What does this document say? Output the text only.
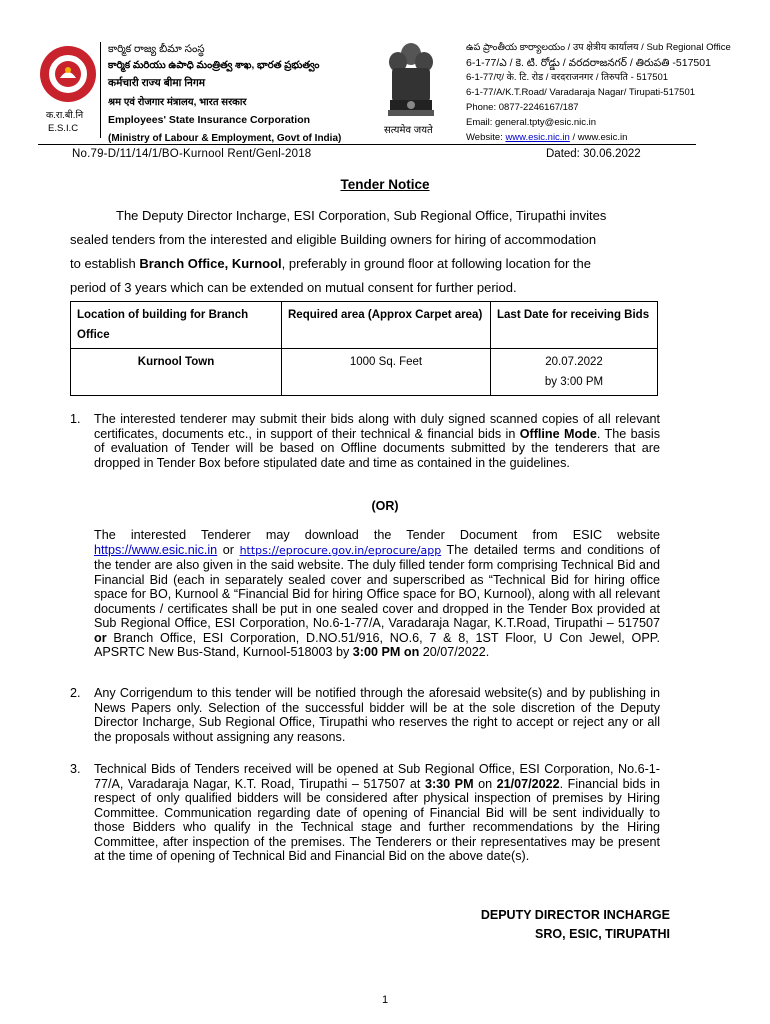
क.रा.बी.नि
E.S.I.C
కార్మిక రాజ్య బీమా సంస్థ
కార్మిక మరియు ఉపాధి మంత్రిత్వ శాఖ, భారత ప్రభుత్వం
कर्मचारी राज्य बीमा निगम
श्रम एवं रोजगार मंत्रालय, भारत सरकार
Employees' State Insurance Corporation
(Ministry of Labour & Employment, Govt of India)
सत्यमेव जयते
ఉప ప్రాంతీయ కార్యాలయం / उप क्षेत्रीय कार्यालय / Sub Regional Office
6-1-77/ఎ / కె. టి. రోడ్డు / వరదరాజనగర్ / తిరుపతి -517501
6-1-77/ए/ के. टि. रोड / वरदराजनगर / तिरुपति - 517501
6-1-77/A/K.T.Road/ Varadaraja Nagar/ Tirupati-517501
Phone: 0877-2246167/187
Email: general.tpty@esic.nic.in
Website: www.esic.nic.in / www.esic.in
No.79-D/11/14/1/BO-Kurnool Rent/Genl-2018	Dated: 30.06.2022
Tender Notice
The Deputy Director Incharge, ESI Corporation, Sub Regional Office, Tirupathi invites
sealed tenders from the interested and eligible Building owners for hiring of accommodation
to establish Branch Office, Kurnool, preferably in ground floor at following location for the
period of 3 years which can be extended on mutual consent for further period.
Location of building for Branch Office	Required area (Approx Carpet area)	Last Date for receiving Bids
Kurnool Town	1000 Sq. Feet	20.07.2022
by 3:00 PM
1. The interested tenderer may submit their bids along with duly signed scanned copies of all relevant certificates, documents etc., in support of their technical & financial bids in Offline Mode. The basis of evaluation of Tender will be based on Offline documents submitted by the tenderers that are dropped in Tender Box before stipulated date and time as contained in the guidelines.
(OR)
The interested Tenderer may download the Tender Document from ESIC website https://www.esic.nic.in or https://eprocure.gov.in/eprocure/app The detailed terms and conditions of the tender are also given in the said website. The duly filled tender form comprising Technical Bid and Financial Bid (each in separately sealed cover and superscribed as “Technical Bid for hiring office space for BO, Kurnool & “Financial Bid for hiring Office space for BO, Kurnool), along with all relevant documents / certificates shall be put in one sealed cover and dropped in the Tender Box provided at Sub Regional Office, ESI Corporation, No.6-1-77/A, Varadaraja Nagar, K.T.Road, Tirupathi – 517507 or Branch Office, ESI Corporation, D.NO.51/916, NO.6, 7 & 8, 1ST Floor, U Con Jewel, OPP. APSRTC New Bus-Stand, Kurnool-518003 by 3:00 PM on 20/07/2022.
2. Any Corrigendum to this tender will be notified through the aforesaid website(s) and by publishing in News Papers only. Selection of the successful bidder will be at the sole discretion of the Deputy Director Incharge, Sub Regional Office, Tirupathi who reserves the right to accept or reject any or all the proposals without assigning any reasons.
3. Technical Bids of Tenders received will be opened at Sub Regional Office, ESI Corporation, No.6-1-77/A, Varadaraja Nagar, K.T. Road, Tirupathi – 517507 at 3:30 PM on 21/07/2022. Financial bids in respect of only qualified bidders will be considered after physical inspection of premises by Hiring Committee. Communication regarding date of opening of Financial Bid will be sent individually to those Bidders who qualify in the Technical stage and further recommendations by the Hiring Committee, after inspection of the premises. The Tenderers or their representatives may be present at the time of opening of Technical Bid and Financial Bid on the above date(s).
DEPUTY DIRECTOR INCHARGE
SRO, ESIC, TIRUPATHI
1
